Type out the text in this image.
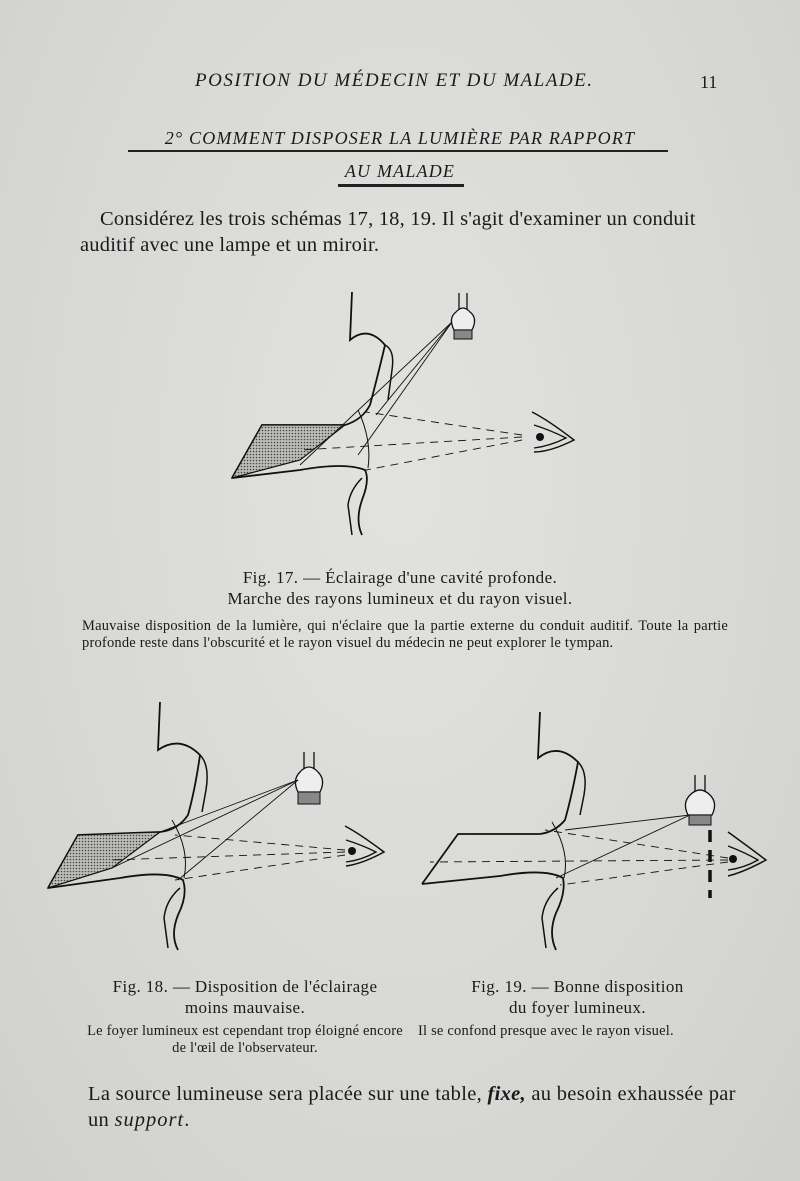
POSITION DU MÉDECIN ET DU MALADE.	11
2° COMMENT DISPOSER LA LUMIÈRE PAR RAPPORT
AU MALADE
Considérez les trois schémas 17, 18, 19. Il s'agit d'examiner un conduit auditif avec une lampe et un miroir.
Fig. 17. — Éclairage d'une cavité profonde.
Marche des rayons lumineux et du rayon visuel.
Mauvaise disposition de la lumière, qui n'éclaire que la partie externe du conduit auditif. Toute la partie profonde reste dans l'obscurité et le rayon visuel du médecin ne peut explorer le tympan.
Fig. 18. — Disposition de l'éclairage
moins mauvaise.
Le foyer lumineux est cependant trop éloigné encore de l'œil de l'observateur.
Fig. 19. — Bonne disposition
du foyer lumineux.
Il se confond presque avec le rayon visuel.
La source lumineuse sera placée sur une table, fixe, au besoin exhaussée par un support.
